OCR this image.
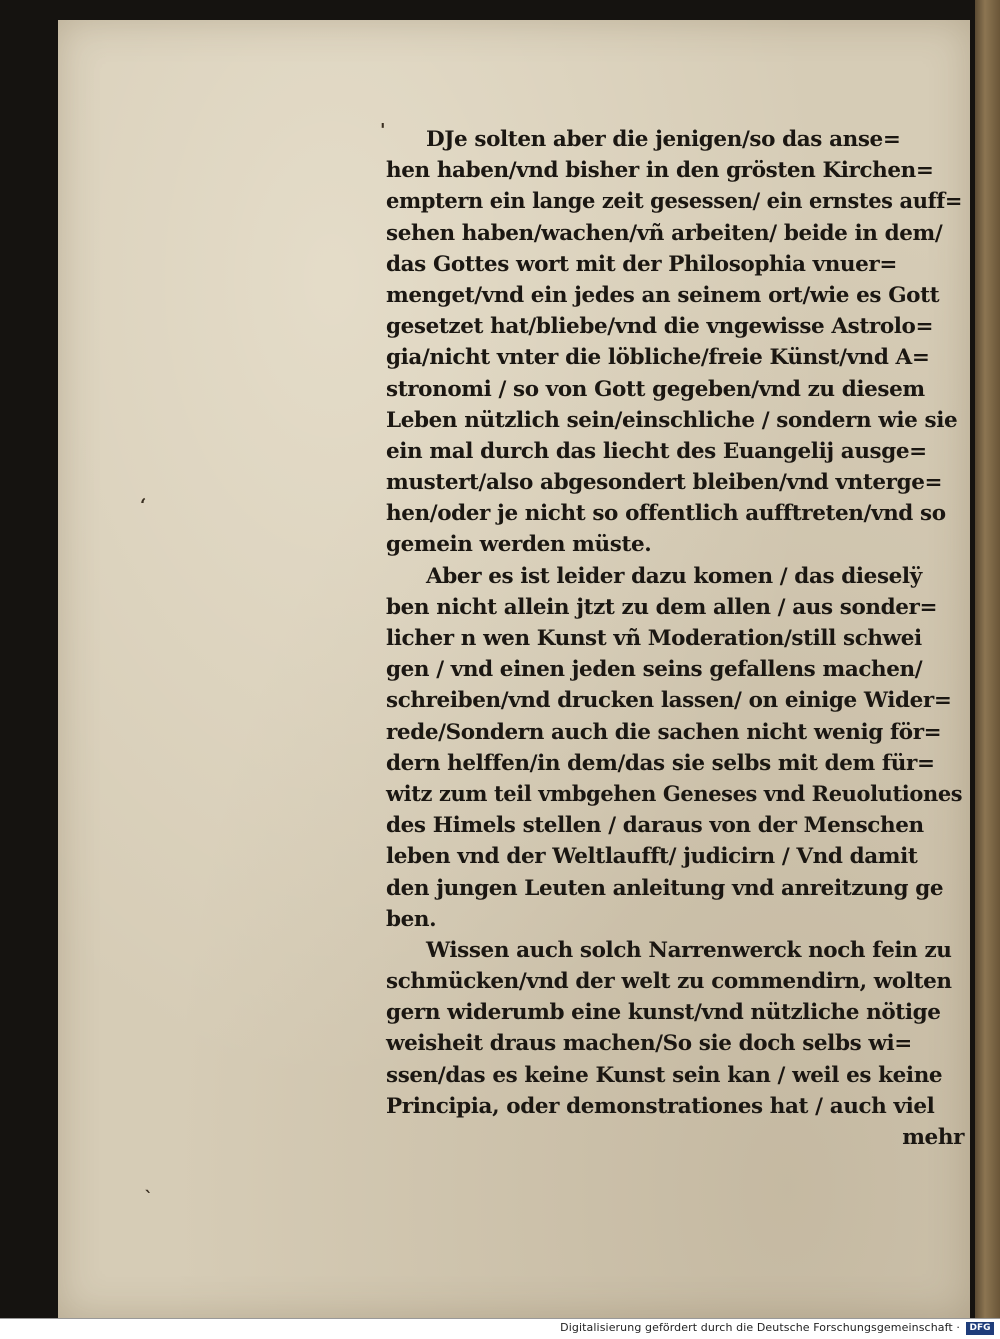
'
ʻ
ˋ
DJe solten aber die jenigen/so das anse=
hen haben/vnd bisher in den grösten Kirchen=
emptern ein lange zeit gesessen/ ein ernstes auff=
sehen haben/wachen/vñ arbeiten/ beide in dem/
das Gottes wort mit der Philosophia vnuer=
menget/vnd ein jedes an seinem ort/wie es Gott
gesetzet hat/bliebe/vnd die vngewisse Astrolo=
gia/nicht vnter die löbliche/freie Künst/vnd A=
stronomi / so von Gott gegeben/vnd zu diesem
Leben nützlich sein/einschliche / sondern wie sie
ein mal durch das liecht des Euangelij ausge=
mustert/also abgesondert bleiben/vnd vnterge=
hen/oder je nicht so offentlich aufftreten/vnd so
gemein werden müste.
Aber es ist leider dazu komen / das dieselÿ
ben nicht allein jtzt zu dem allen / aus sonder=
licher n wen Kunst vñ Moderation/still schwei
gen / vnd einen jeden seins gefallens machen/
schreiben/vnd drucken lassen/ on einige Wider=
rede/Sondern auch die sachen nicht wenig för=
dern helffen/in dem/das sie selbs mit dem für=
witz zum teil vmbgehen Geneses vnd Reuolutiones
des Himels stellen / daraus von der Menschen
leben vnd der Weltlaufft/ judicirn / Vnd damit
den jungen Leuten anleitung vnd anreitzung ge
ben.
Wissen auch solch Narrenwerck noch fein zu
schmücken/vnd der welt zu commendirn, wolten
gern widerumb eine kunst/vnd nützliche nötige
weisheit draus machen/So sie doch selbs wi=
ssen/das es keine Kunst sein kan / weil es keine
Principia, oder demonstrationes hat / auch viel
mehr
Digitalisierung gefördert durch die Deutsche Forschungsgemeinschaft ·	DFG
